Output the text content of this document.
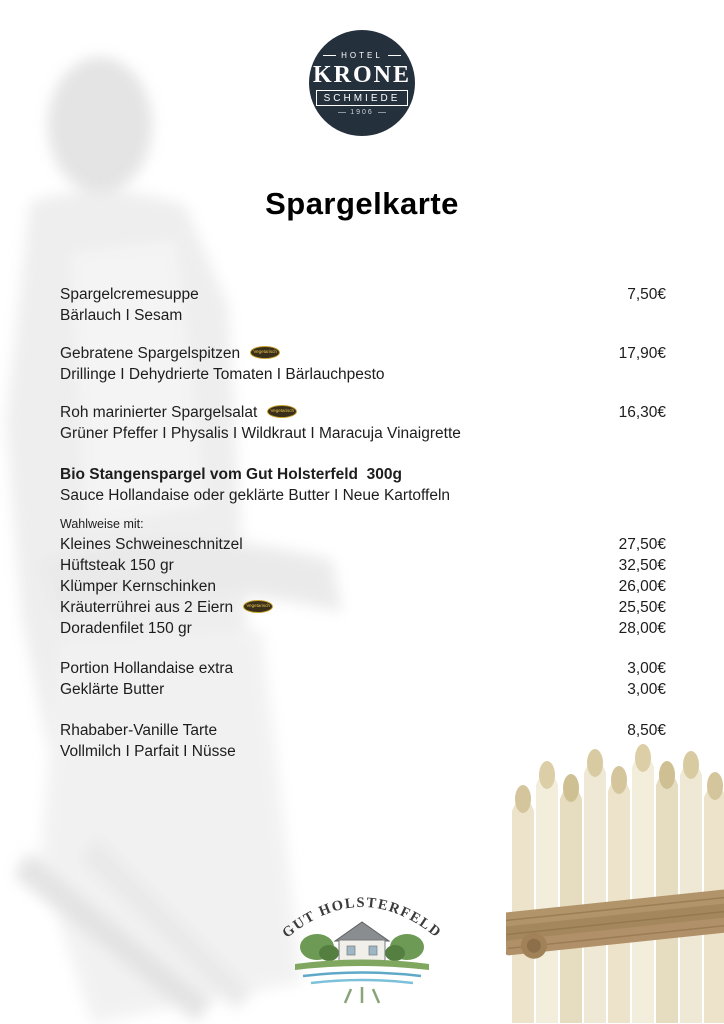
HOTEL
KRONE
SCHMIEDE
1906
Spargelkarte
Spargelcremesuppe	7,50€
Bärlauch I Sesam
Gebratene Spargelspitzen	Vegetarisch	17,90€
Drillinge I Dehydrierte Tomaten I Bärlauchpesto
Roh marinierter Spargelsalat	Vegetarisch	16,30€
Grüner Pfeffer I Physalis I Wildkraut I Maracuja Vinaigrette
Bio Stangenspargel vom Gut Holsterfeld  300g
Sauce Hollandaise oder geklärte Butter I Neue Kartoffeln
Wahlweise mit:
Kleines Schweineschnitzel	27,50€
Hüftsteak 150 gr	32,50€
Klümper Kernschinken	26,00€
Kräuterrührei aus 2 Eiern	Vegetarisch	25,50€
Doradenfilet 150 gr	28,00€
Portion Hollandaise extra	3,00€
Geklärte Butter	3,00€
Rhababer-Vanille Tarte	8,50€
Vollmilch I Parfait I Nüsse
GUT HOLSTERFELD
